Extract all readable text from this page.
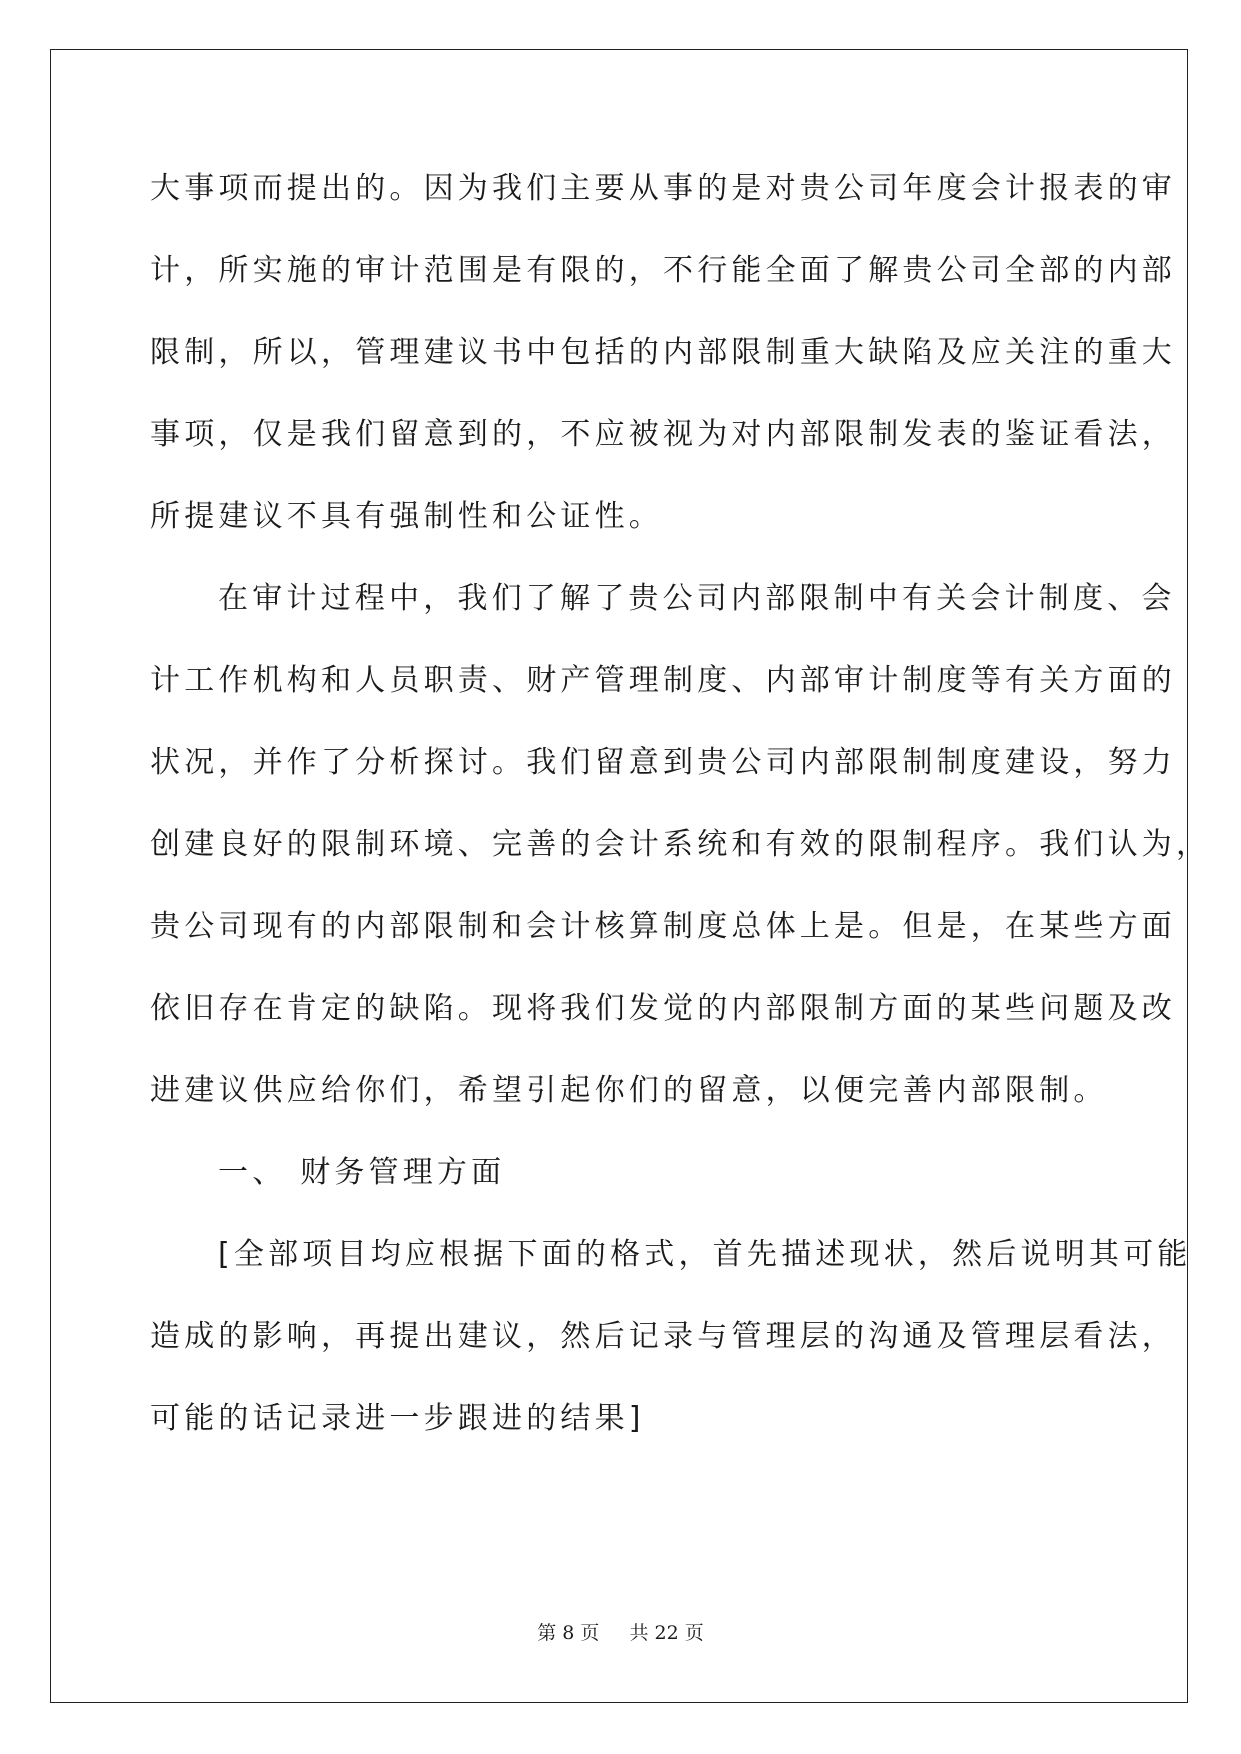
大事项而提出的。因为我们主要从事的是对贵公司年度会计报表的审
计，所实施的审计范围是有限的，不行能全面了解贵公司全部的内部
限制，所以，管理建议书中包括的内部限制重大缺陷及应关注的重大
事项，仅是我们留意到的，不应被视为对内部限制发表的鉴证看法，
所提建议不具有强制性和公证性。
在审计过程中，我们了解了贵公司内部限制中有关会计制度、会
计工作机构和人员职责、财产管理制度、内部审计制度等有关方面的
状况，并作了分析探讨。我们留意到贵公司内部限制制度建设，努力
创建良好的限制环境、完善的会计系统和有效的限制程序。我们认为，
贵公司现有的内部限制和会计核算制度总体上是。但是，在某些方面
依旧存在肯定的缺陷。现将我们发觉的内部限制方面的某些问题及改
进建议供应给你们，希望引起你们的留意，以便完善内部限制。
一、 财务管理方面
[全部项目均应根据下面的格式，首先描述现状，然后说明其可能
造成的影响，再提出建议，然后记录与管理层的沟通及管理层看法，
可能的话记录进一步跟进的结果]
第 8 页 共 22 页
